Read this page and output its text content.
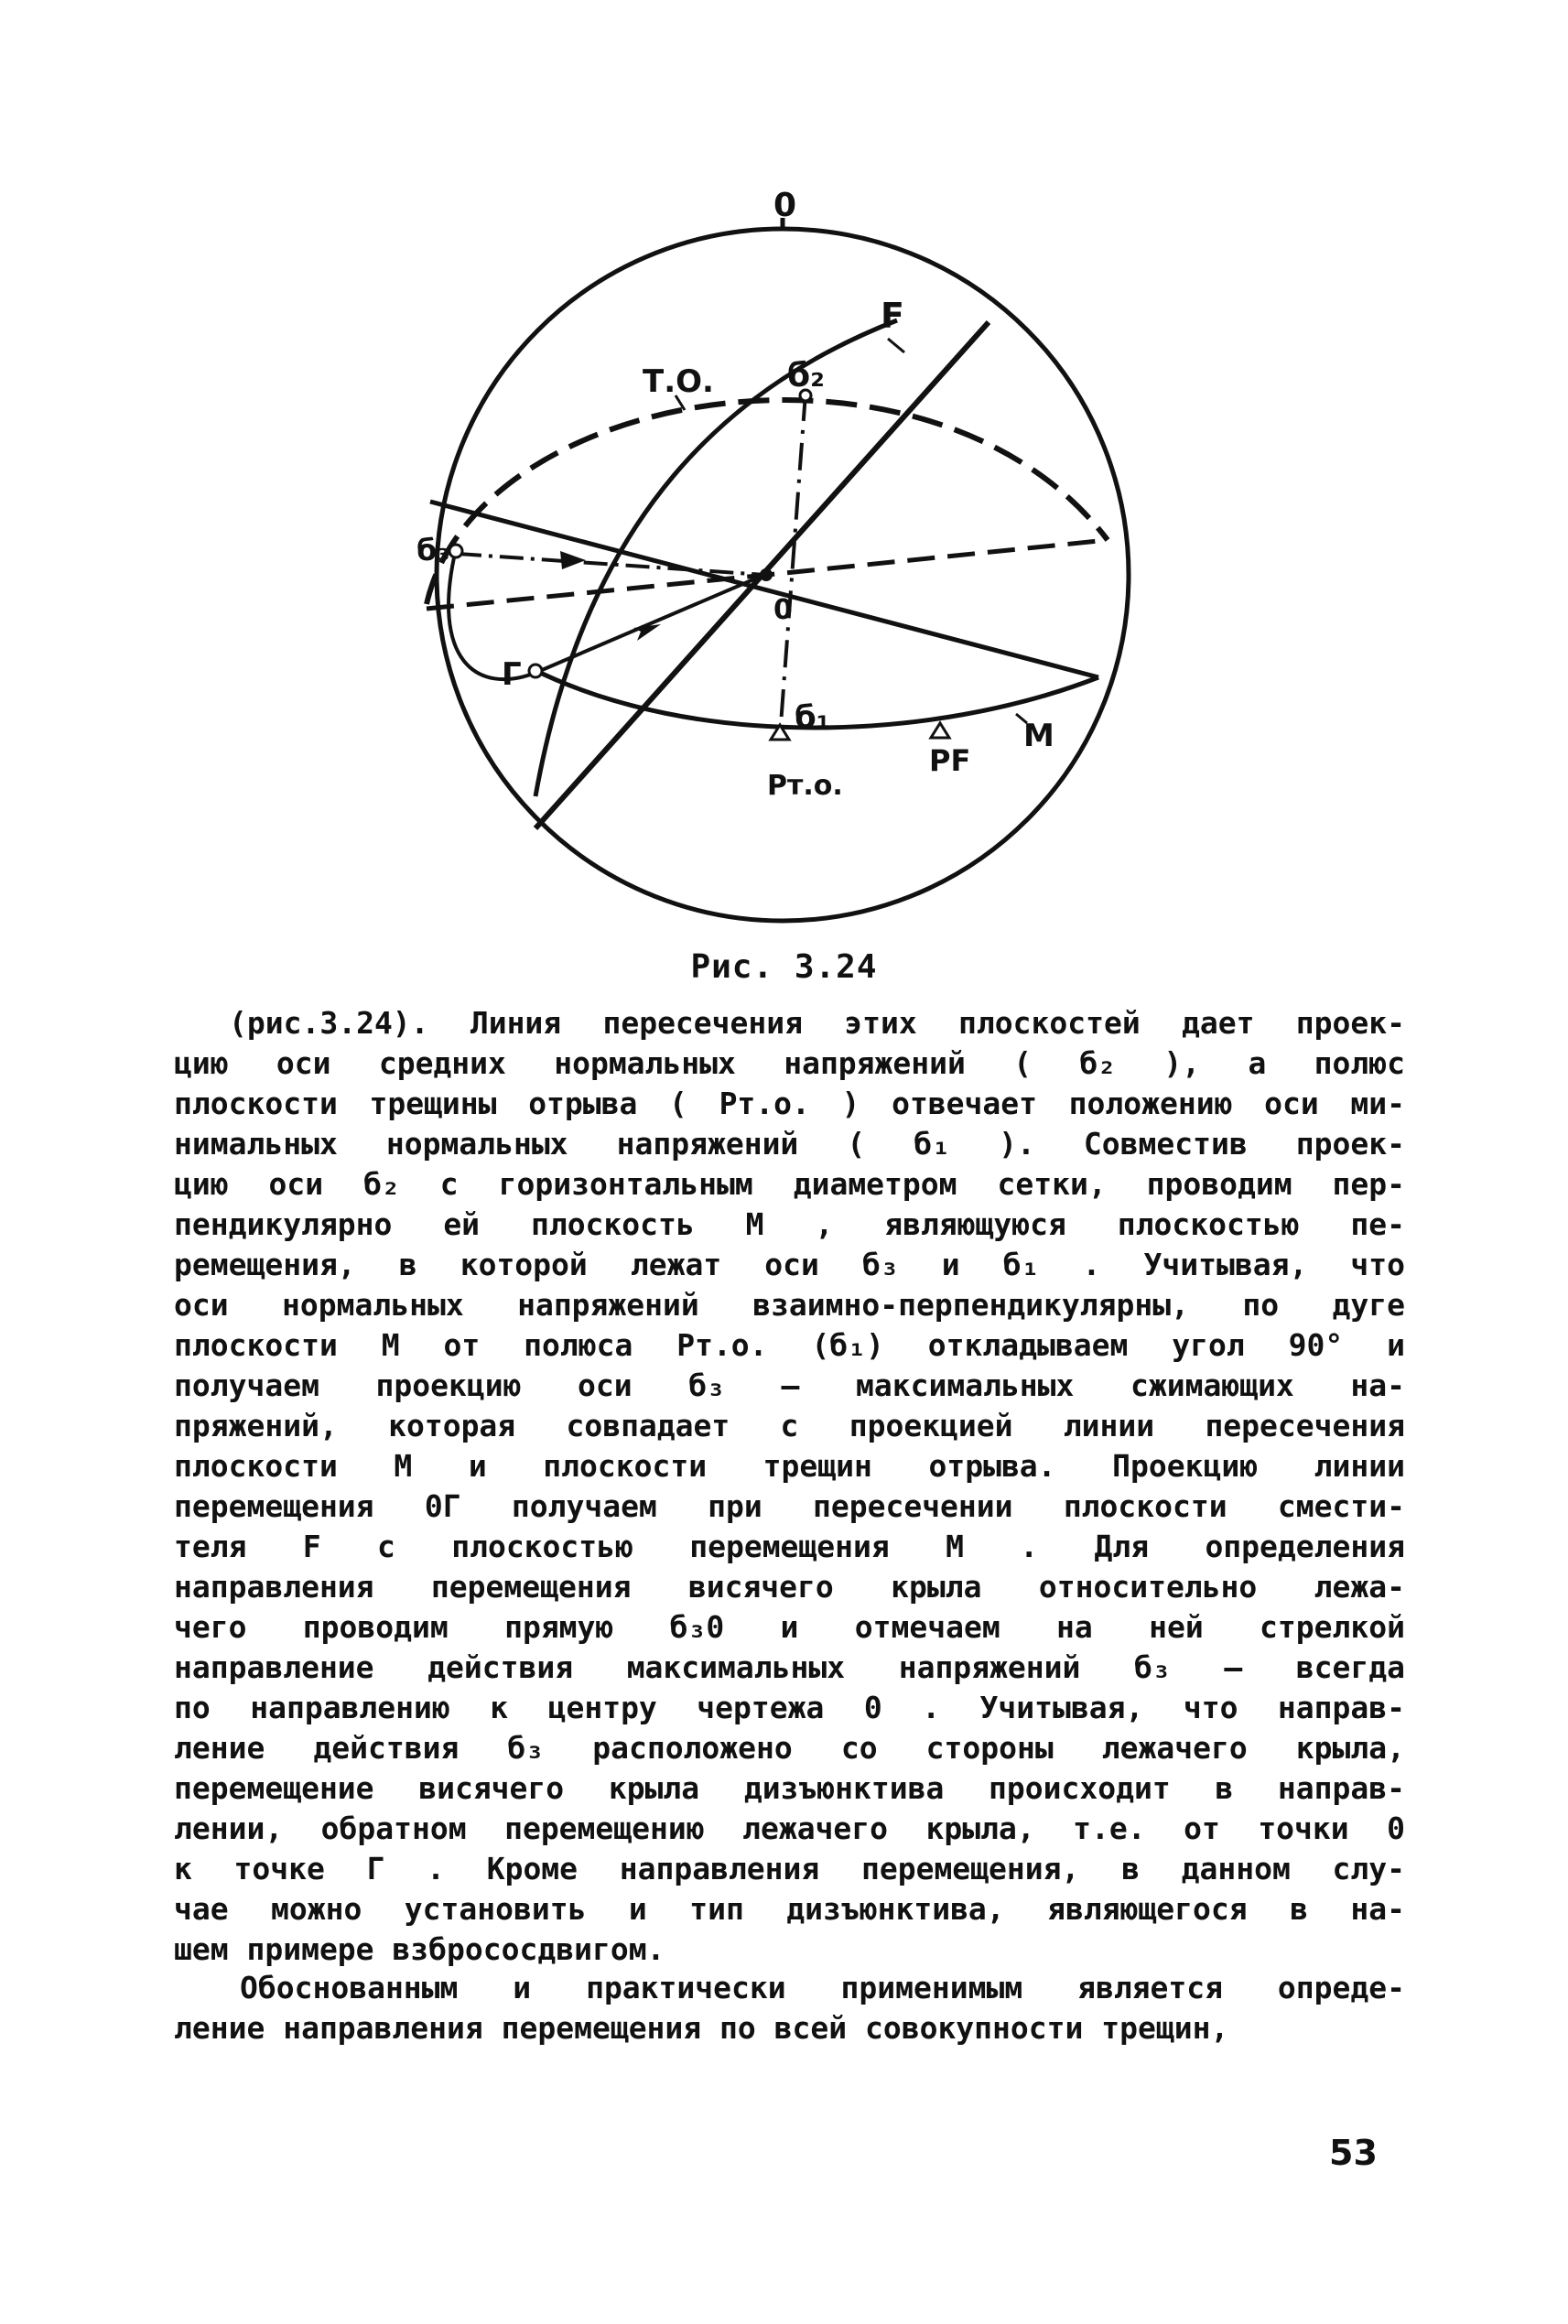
0
0
Т.О. б₂
б₃
б₁
F
Г
M
Pт.о.
PF
Рис. 3.24
(рис.3.24). Линия пересечения этих плоскостей дает проек-
цию оси средних нормальных напряжений ( б₂ ), а полюс
плоскости трещины отрыва ( Pт.о. ) отвечает положению оси ми-
нимальных нормальных напряжений ( б₁ ). Совместив проек-
цию оси б₂ с горизонтальным диаметром сетки, проводим пер-
пендикулярно ей плоскость M , являющуюся плоскостью пе-
ремещения, в которой лежат оси б₃ и б₁ . Учитывая, что
оси нормальных напряжений взаимно-перпендикулярны, по дуге
плоскости M от полюса Pт.о. (б₁) откладываем угол 90° и
получаем проекцию оси б₃ – максимальных сжимающих на-
пряжений, которая совпадает с проекцией линии пересечения
плоскости M и плоскости трещин отрыва. Проекцию линии
перемещения 0Г получаем при пересечении плоскости смести-
теля F с плоскостью перемещения M . Для определения
направления перемещения висячего крыла относительно лежа-
чего проводим прямую б₃0 и отмечаем на ней стрелкой
направление действия максимальных напряжений б₃ – всегда
по направлению к центру чертежа 0 . Учитывая, что направ-
ление действия б₃ расположено со стороны лежачего крыла,
перемещение висячего крыла дизъюнктива происходит в направ-
лении, обратном перемещению лежачего крыла, т.е. от точки 0
к точке Г . Кроме направления перемещения, в данном слу-
чае можно установить и тип дизъюнктива, являющегося в на-
шем примере взбрососдвигом.
Обоснованным и практически применимым является опреде-
ление направления перемещения по всей совокупности трещин,
53
